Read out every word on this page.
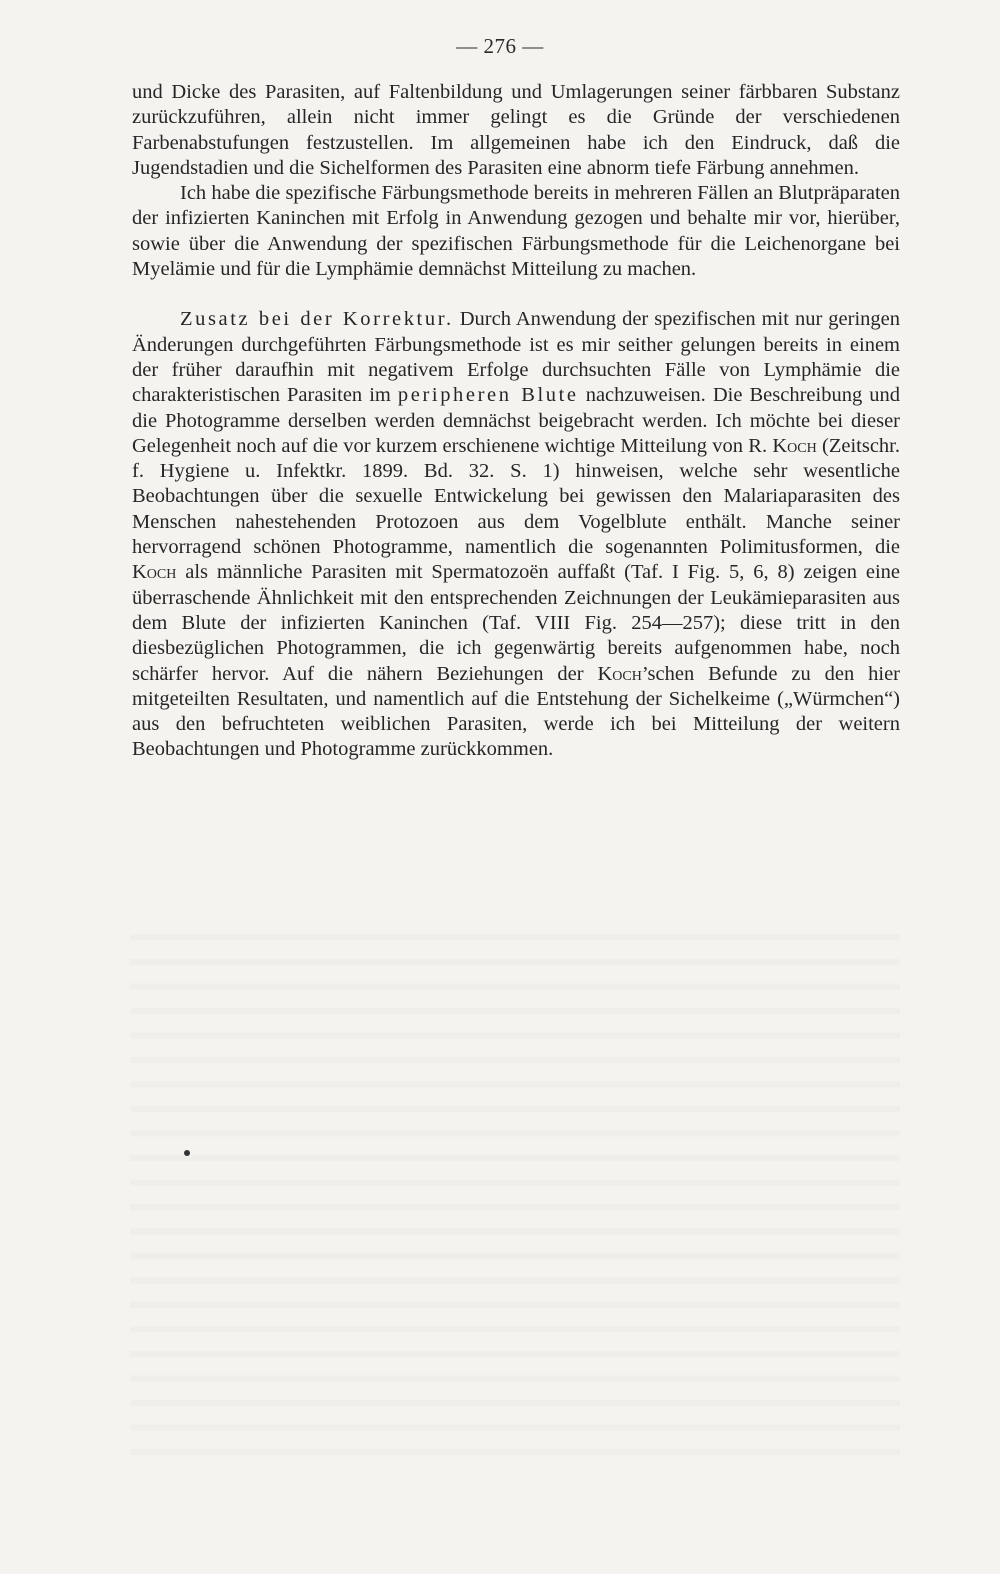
— 276 —

und Dicke des Parasiten, auf Faltenbildung und Umlagerungen seiner färbbaren Substanz zurückzuführen, allein nicht immer gelingt es die Gründe der verschiedenen Farbenabstufungen festzustellen. Im allgemeinen habe ich den Eindruck, daß die Jugendstadien und die Sichelformen des Parasiten eine abnorm tiefe Färbung annehmen.

Ich habe die spezifische Färbungsmethode bereits in mehreren Fällen an Blutpräparaten der infizierten Kaninchen mit Erfolg in Anwendung gezogen und behalte mir vor, hierüber, sowie über die Anwendung der spezifischen Färbungsmethode für die Leichenorgane bei Myelämie und für die Lymphämie demnächst Mitteilung zu machen.

Zusatz bei der Korrektur. Durch Anwendung der spezifischen mit nur geringen Änderungen durchgeführten Färbungsmethode ist es mir seither gelungen bereits in einem der früher daraufhin mit negativem Erfolge durchsuchten Fälle von Lymphämie die charakteristischen Parasiten im peripheren Blute nachzuweisen. Die Beschreibung und die Photogramme derselben werden demnächst beigebracht werden. Ich möchte bei dieser Gelegenheit noch auf die vor kurzem erschienene wichtige Mitteilung von R. Koch (Zeitschr. f. Hygiene u. Infektkr. 1899. Bd. 32. S. 1) hinweisen, welche sehr wesentliche Beobachtungen über die sexuelle Entwickelung bei gewissen den Malariaparasiten des Menschen nahestehenden Protozoen aus dem Vogelblute enthält. Manche seiner hervorragend schönen Photogramme, namentlich die sogenannten Polimitusformen, die Koch als männliche Parasiten mit Spermatozoën auffaßt (Taf. I Fig. 5, 6, 8) zeigen eine überraschende Ähnlichkeit mit den entsprechenden Zeichnungen der Leukämieparasiten aus dem Blute der infizierten Kaninchen (Taf. VIII Fig. 254—257); diese tritt in den diesbezüglichen Photogrammen, die ich gegenwärtig bereits aufgenommen habe, noch schärfer hervor. Auf die nähern Beziehungen der Koch’schen Befunde zu den hier mitgeteilten Resultaten, und namentlich auf die Entstehung der Sichelkeime („Würmchen“) aus den befruchteten weiblichen Parasiten, werde ich bei Mitteilung der weitern Beobachtungen und Photogramme zurückkommen.
